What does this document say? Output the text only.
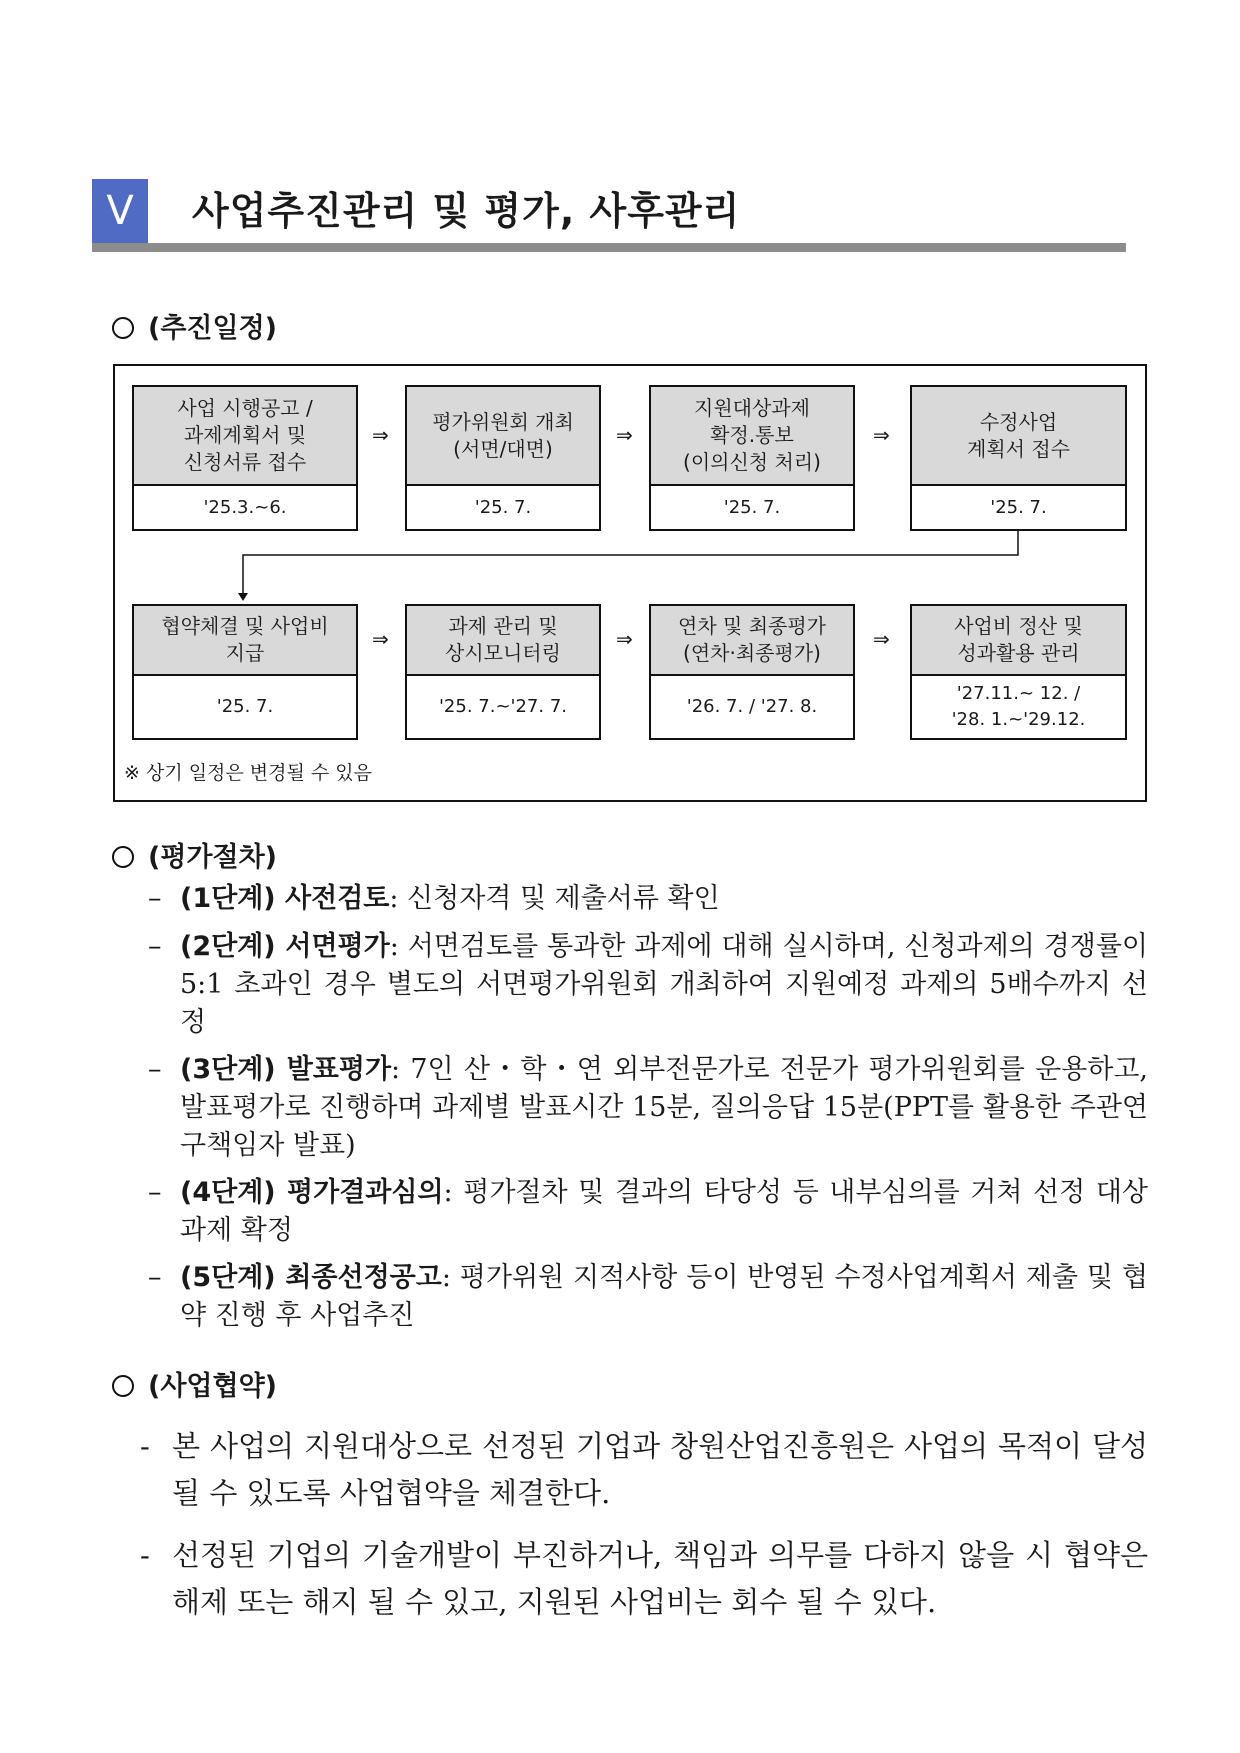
Ⅴ	사업추진관리 및 평가, 사후관리
(추진일정)
사업 시행공고 /
과제계획서 및
신청서류 접수
'25.3.~6.
⇒
평가위원회 개최
(서면/대면)
'25. 7.
⇒
지원대상과제
확정.통보
(이의신청 처리)
'25. 7.
⇒
수정사업
계획서 접수
'25. 7.
협약체결 및 사업비
지급
'25. 7.
⇒
과제 관리 및
상시모니터링
'25. 7.~'27. 7.
⇒
연차 및 최종평가
(연차·최종평가)
'26. 7. / '27. 8.
⇒
사업비 정산 및
성과활용 관리
'27.11.~ 12. /
'28. 1.~'29.12.
※ 상기 일정은 변경될 수 있음
(평가절차)
– (1단계) 사전검토: 신청자격 및 제출서류 확인
– (2단계) 서면평가: 서면검토를 통과한 과제에 대해 실시하며, 신청과제의 경쟁률이 5:1 초과인 경우 별도의 서면평가위원회 개최하여 지원예정 과제의 5배수까지 선정
– (3단계) 발표평가: 7인 산・학・연 외부전문가로 전문가 평가위원회를 운용하고, 발표평가로 진행하며 과제별 발표시간 15분, 질의응답 15분(PPT를 활용한 주관연구책임자 발표)
– (4단계) 평가결과심의: 평가절차 및 결과의 타당성 등 내부심의를 거쳐 선정 대상 과제 확정
– (5단계) 최종선정공고: 평가위원 지적사항 등이 반영된 수정사업계획서 제출 및 협약 진행 후 사업추진
(사업협약)
- 본 사업의 지원대상으로 선정된 기업과 창원산업진흥원은 사업의 목적이 달성 될 수 있도록 사업협약을 체결한다.
- 선정된 기업의 기술개발이 부진하거나, 책임과 의무를 다하지 않을 시 협약은 해제 또는 해지 될 수 있고, 지원된 사업비는 회수 될 수 있다.
